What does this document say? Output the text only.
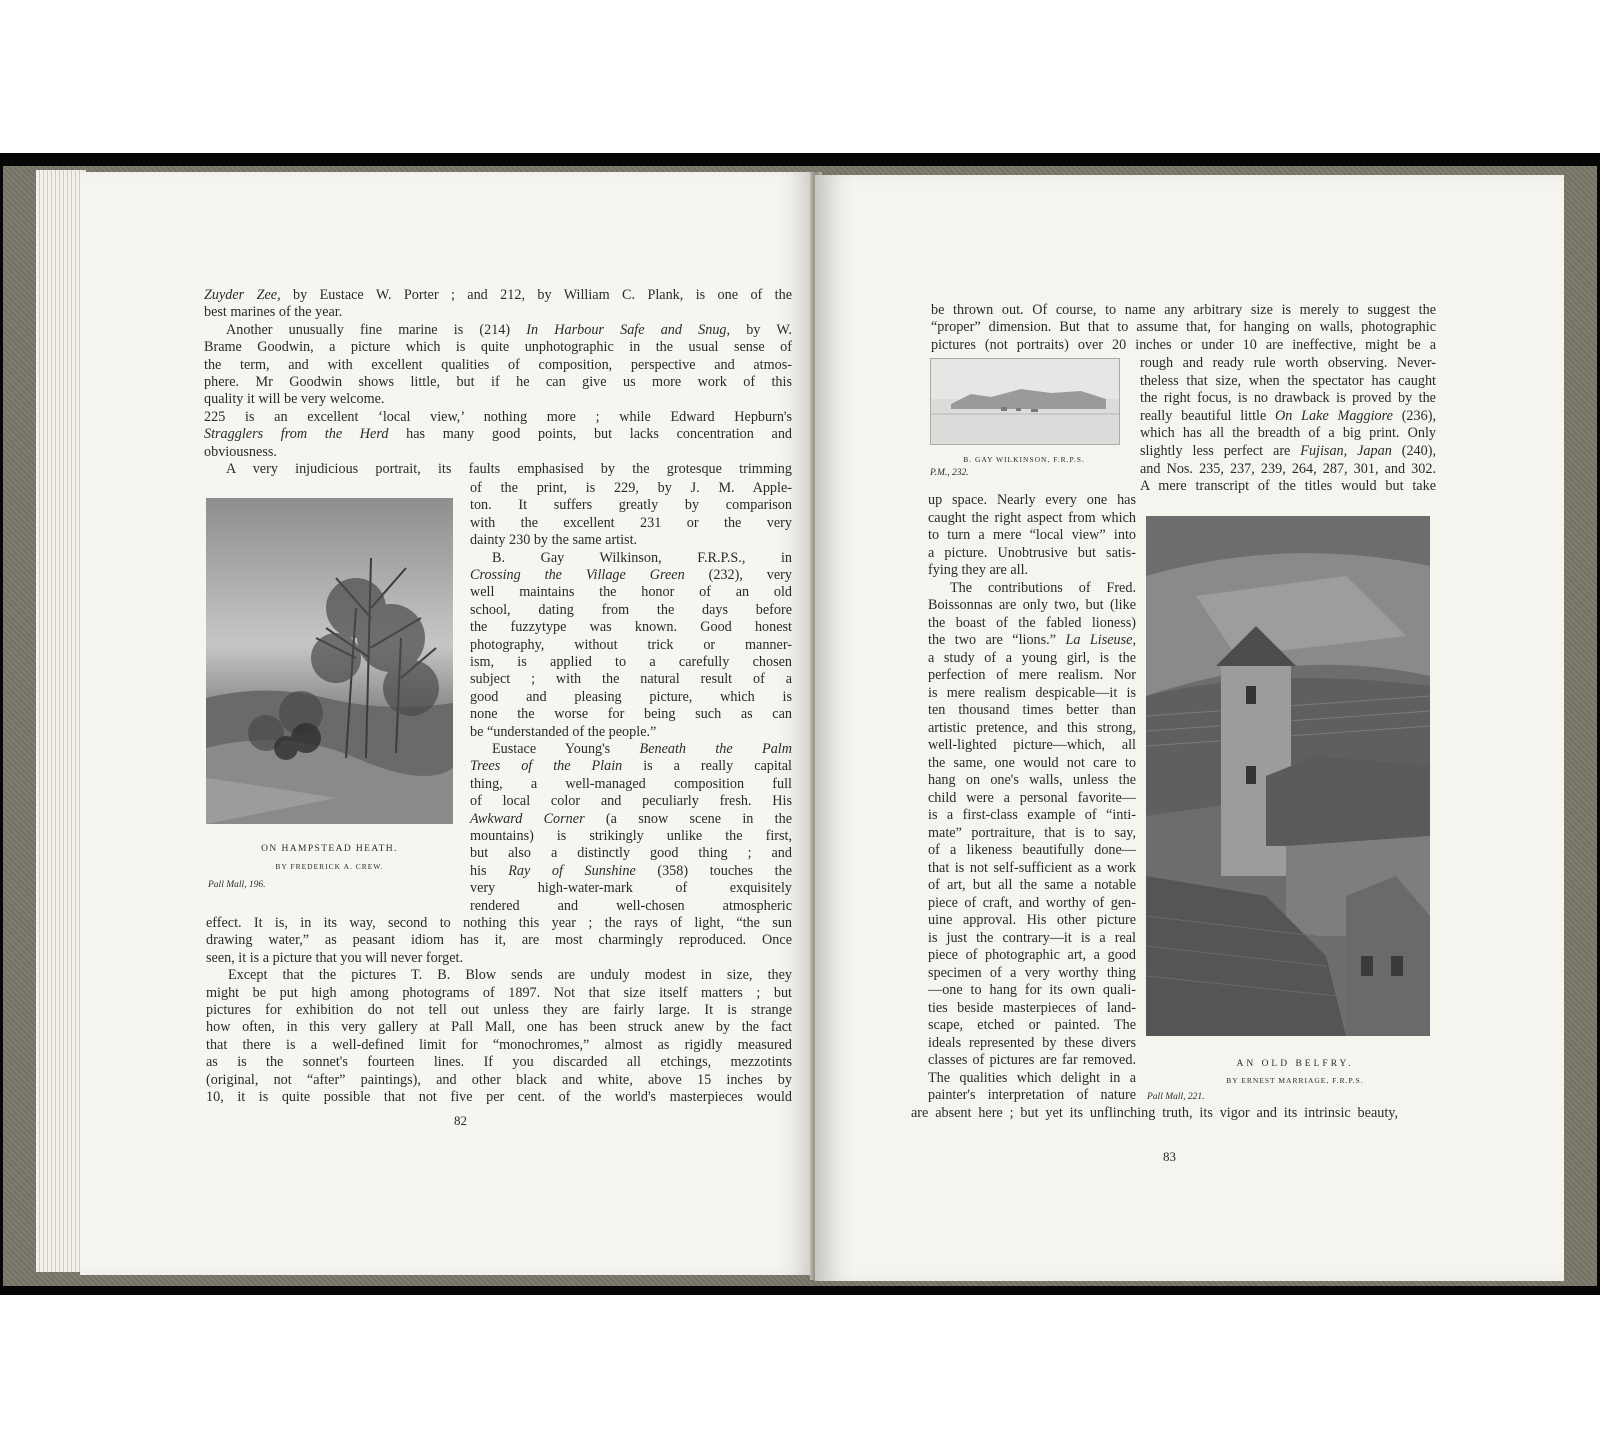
Zuyder Zee, by Eustace W. Porter ; and 212, by William C. Plank, is one of the
best marines of the year.
Another unusually fine marine is (214) In Harbour Safe and Snug, by W.
Brame Goodwin, a picture which is quite unphotographic in the usual sense of
the term, and with excellent qualities of composition, perspective and atmos-
phere. Mr Goodwin shows little, but if he can give us more work of this
quality it will be very welcome.
225 is an excellent ‘local view,’ nothing more ; while Edward Hepburn's
Stragglers from the Herd has many good points, but lacks concentration and
obviousness.
A very injudicious portrait, its faults emphasised by the grotesque trimming
of the print, is 229, by J. M. Apple-
ton. It suffers greatly by comparison
with the excellent 231 or the very
dainty 230 by the same artist.
B. Gay Wilkinson, F.R.P.S., in
Crossing the Village Green (232), very
well maintains the honor of an old
school, dating from the days before
the fuzzytype was known. Good honest
photography, without trick or manner-
ism, is applied to a carefully chosen
subject ; with the natural result of a
good and pleasing picture, which is
none the worse for being such as can
be “understanded of the people.”
Eustace Young's Beneath the Palm
Trees of the Plain is a really capital
thing, a well-managed composition full
of local color and peculiarly fresh. His
Awkward Corner (a snow scene in the
mountains) is strikingly unlike the first,
but also a distinctly good thing ; and
his Ray of Sunshine (358) touches the
very high-water-mark of exquisitely
rendered and well-chosen atmospheric
effect. It is, in its way, second to nothing this year ; the rays of light, “the sun
drawing water,” as peasant idiom has it, are most charmingly reproduced. Once
seen, it is a picture that you will never forget.
Except that the pictures T. B. Blow sends are unduly modest in size, they
might be put high among photograms of 1897. Not that size itself matters ; but
pictures for exhibition do not tell out unless they are fairly large. It is strange
how often, in this very gallery at Pall Mall, one has been struck anew by the fact
that there is a well-defined limit for “monochromes,” almost as rigidly measured
as is the sonnet's fourteen lines. If you discarded all etchings, mezzotints
(original, not “after” paintings), and other black and white, above 15 inches by
10, it is quite possible that not five per cent. of the world's masterpieces would
ON HAMPSTEAD HEATH.
BY FREDERICK A. CREW.
Pall Mall, 196.
82
be thrown out. Of course, to name any arbitrary size is merely to suggest the
“proper” dimension. But that to assume that, for hanging on walls, photographic
pictures (not portraits) over 20 inches or under 10 are ineffective, might be a
rough and ready rule worth observing. Never-
theless that size, when the spectator has caught
the right focus, is no drawback is proved by the
really beautiful little On Lake Maggiore (236),
which has all the breadth of a big print. Only
slightly less perfect are Fujisan, Japan (240),
and Nos. 235, 237, 239, 264, 287, 301, and 302.
A mere transcript of the titles would but take
up space. Nearly every one has
caught the right aspect from which
to turn a mere “local view” into
a picture. Unobtrusive but satis-
fying they are all.
The contributions of Fred.
Boissonnas are only two, but (like
the boast of the fabled lioness)
the two are “lions.” La Liseuse,
a study of a young girl, is the
perfection of mere realism. Nor
is mere realism despicable—it is
ten thousand times better than
artistic pretence, and this strong,
well-lighted picture—which, all
the same, one would not care to
hang on one's walls, unless the
child were a personal favorite—
is a first-class example of “inti-
mate” portraiture, that is to say,
of a likeness beautifully done—
that is not self-sufficient as a work
of art, but all the same a notable
piece of craft, and worthy of gen-
uine approval. His other picture
is just the contrary—it is a real
piece of photographic art, a good
specimen of a very worthy thing
—one to hang for its own quali-
ties beside masterpieces of land-
scape, etched or painted. The
ideals represented by these divers
classes of pictures are far removed.
The qualities which delight in a
painter's interpretation of nature
are absent here ; but yet its unflinching truth, its vigor and its intrinsic beauty,
B. GAY WILKINSON, F.R.P.S.
P.M., 232.
AN OLD BELFRY.
BY ERNEST MARRIAGE, F.R.P.S.
Pall Mall, 221.
83
